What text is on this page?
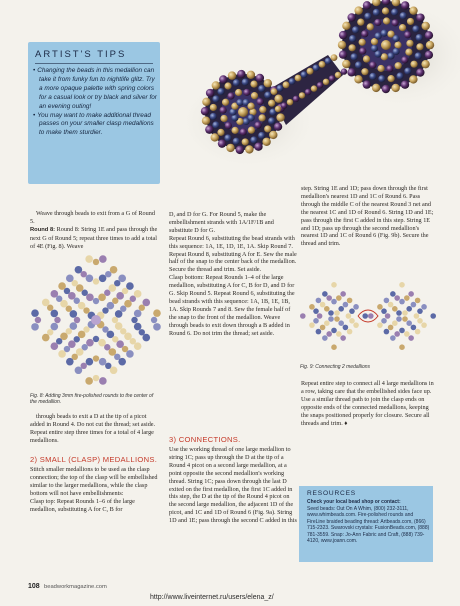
ARTIST'S TIPS

• Changing the beads in this medallion can take it from funky fun to nightlife glitz. Try a more opaque palette with spring colors for a casual look or try black and silver for an evening outing!

• You may want to make additional thread passes on your smaller clasp medallions to make them sturdier.

Weave through beads to exit from a G of Round 5.

Round 8: Round 8: String 1E and pass through the next G of Round 5; repeat three times to add a total of 4E (Fig. 8). Weave

Fig. 8: Adding 3mm fire-polished rounds to the center of the medallion.

through beads to exit a D at the tip of a picot added in Round 4. Do not cut the thread; set aside.

Repeat entire step three times for a total of 4 large medallions.

2) SMALL (CLASP) MEDALLIONS.

Stitch smaller medallions to be used as the clasp connection; the top of the clasp will be embellished similar to the larger medallions, while the clasp bottom will not have embellishments:

Clasp top: Repeat Rounds 1–6 of the large medallion, substituting A for C, B for

D, and D for G. For Round 5, make the embellishment strands with 1A/1F/1B and substitute D for G.

Repeat Round 6, substituting the bead strands with this sequence: 1A, 1E, 1D, 1E, 1A. Skip Round 7. Repeat Round 8, substituting A for E. Sew the male half of the snap to the center back of the medallion. Secure the thread and trim. Set aside.

Clasp bottom: Repeat Rounds 1–4 of the large medallion, substituting A for C, B for D, and D for G. Skip Round 5. Repeat Round 6, substituting the bead strands with this sequence: 1A, 1B, 1E, 1B, 1A. Skip Rounds 7 and 8. Sew the female half of the snap to the front of the medallion. Weave through beads to exit down through a B added in Round 6. Do not trim the thread; set aside.

3) CONNECTIONS.

Use the working thread of one large medallion to string 1C; pass up through the D at the tip of a Round 4 picot on a second large medallion, at a point opposite the second medallion's working thread. String 1C; pass down through the last D exited on the first medallion, the first 1C added in this step, the D at the tip of the Round 4 picot on the second large medallion, the adjacent 1D of the picot, and 1C and 1D of Round 6 (Fig. 9a). String 1D and 1E; pass through the second C added in this

step. String 1E and 1D; pass down through the first medallion's nearest 1D and 1C of Round 6. Pass through the middle C of the nearest Round 3 net and the nearest 1C and 1D of Round 6. String 1D and 1E; pass through the first C added in this step. String 1E and 1D; pass up through the second medallion's nearest 1D and 1C of Round 6 (Fig. 9b). Secure the thread and trim.

Fig. 9: Connecting 2 medallions

Repeat entire step to connect all 4 large medallions in a row, taking care that the embellished sides face up. Use a similar thread path to join the clasp ends on opposite ends of the connected medallions, keeping the snaps positioned properly for closure. Secure all threads and trim. ♦

RESOURCES
Check your local bead shop or contact:
Seed beads: Out On A Whim, (800) 232-3111, www.whimbeads.com. Fire-polished rounds and FireLine braided beading thread: Artbeads.com, (866) 715-2323. Swarovski crystals: FusionBeads.com, (888) 781-3559. Snap: Jo-Ann Fabric and Craft, (888) 739-4120, www.joann.com.
108 beadworkmagazine.com
http://www.liveinternet.ru/users/elena_z/
